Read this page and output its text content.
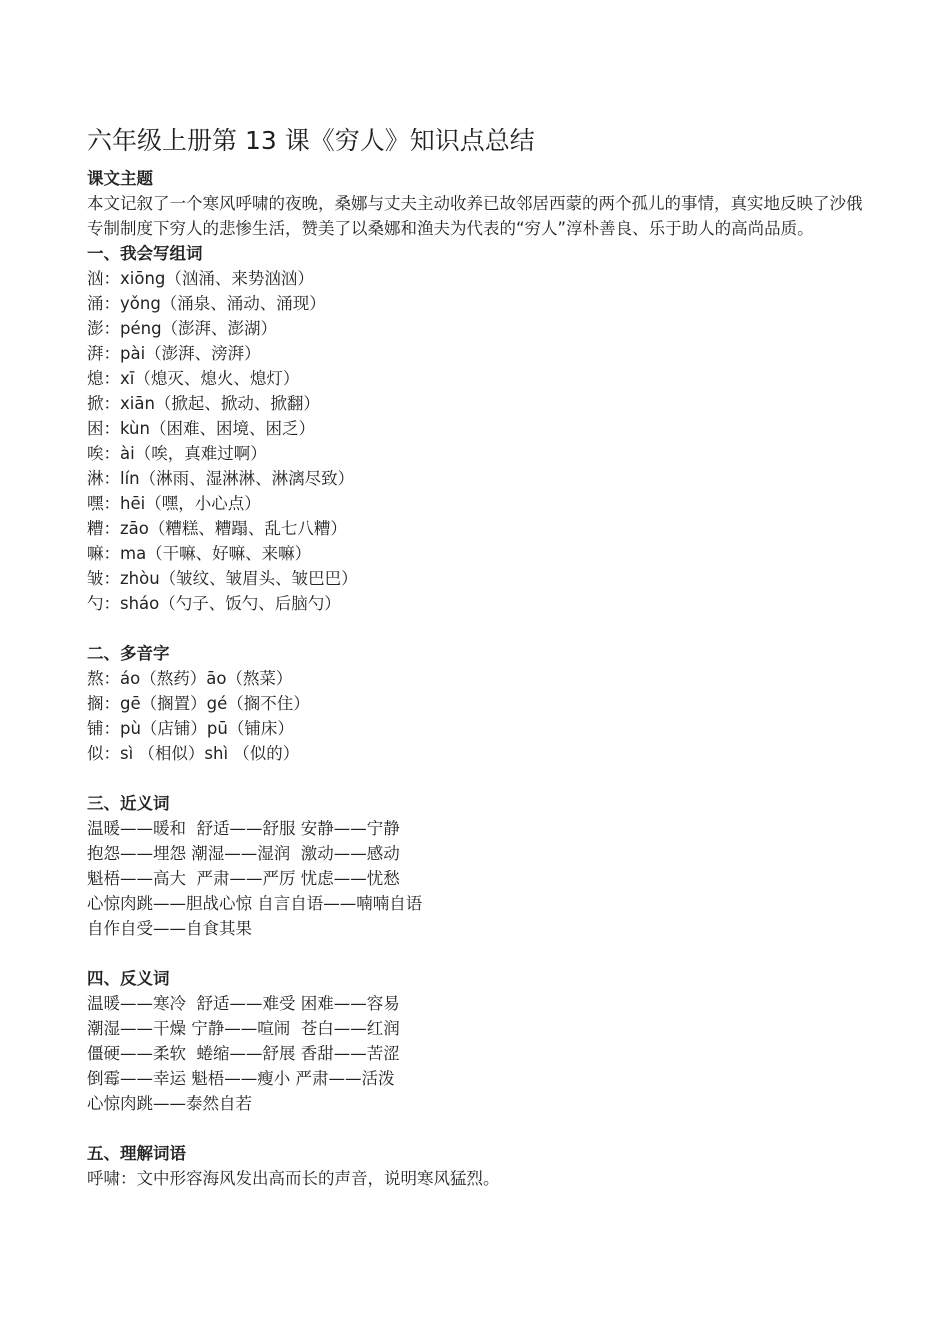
六年级上册第 13 课《穷人》知识点总结

课文主题

本文记叙了一个寒风呼啸的夜晚，桑娜与丈夫主动收养已故邻居西蒙的两个孤儿的事情，真实地反映了沙俄专制制度下穷人的悲惨生活，赞美了以桑娜和渔夫为代表的“穷人”淳朴善良、乐于助人的高尚品质。

一、我会写组词

汹：xiōng（汹涌、来势汹汹）

涌：yǒng（涌泉、涌动、涌现）

澎：péng（澎湃、澎湖）

湃：pài（澎湃、滂湃）

熄：xī（熄灭、熄火、熄灯）

掀：xiān（掀起、掀动、掀翻）

困：kùn（困难、困境、困乏）

唉：ài（唉，真难过啊）

淋：lín（淋雨、湿淋淋、淋漓尽致）

嘿：hēi（嘿，小心点）

糟：zāo（糟糕、糟蹋、乱七八糟）

嘛：ma（干嘛、好嘛、来嘛）

皱：zhòu（皱纹、皱眉头、皱巴巴）

勺：sháo（勺子、饭勺、后脑勺）

二、多音字

熬：áo（熬药）āo（熬菜）

搁：gē（搁置）gé（搁不住）

铺：pù（店铺）pū（铺床）

似：sì （相似）shì （似的）

三、近义词

温暖——暖和  舒适——舒服 安静——宁静

抱怨——埋怨 潮湿——湿润  激动——感动

魁梧——高大  严肃——严厉 忧虑——忧愁

心惊肉跳——胆战心惊 自言自语——喃喃自语

自作自受——自食其果

四、反义词

温暖——寒冷  舒适——难受 困难——容易

潮湿——干燥 宁静——喧闹  苍白——红润

僵硬——柔软  蜷缩——舒展 香甜——苦涩

倒霉——幸运 魁梧——瘦小 严肃——活泼

心惊肉跳——泰然自若

五、理解词语

呼啸：文中形容海风发出高而长的声音，说明寒风猛烈。
